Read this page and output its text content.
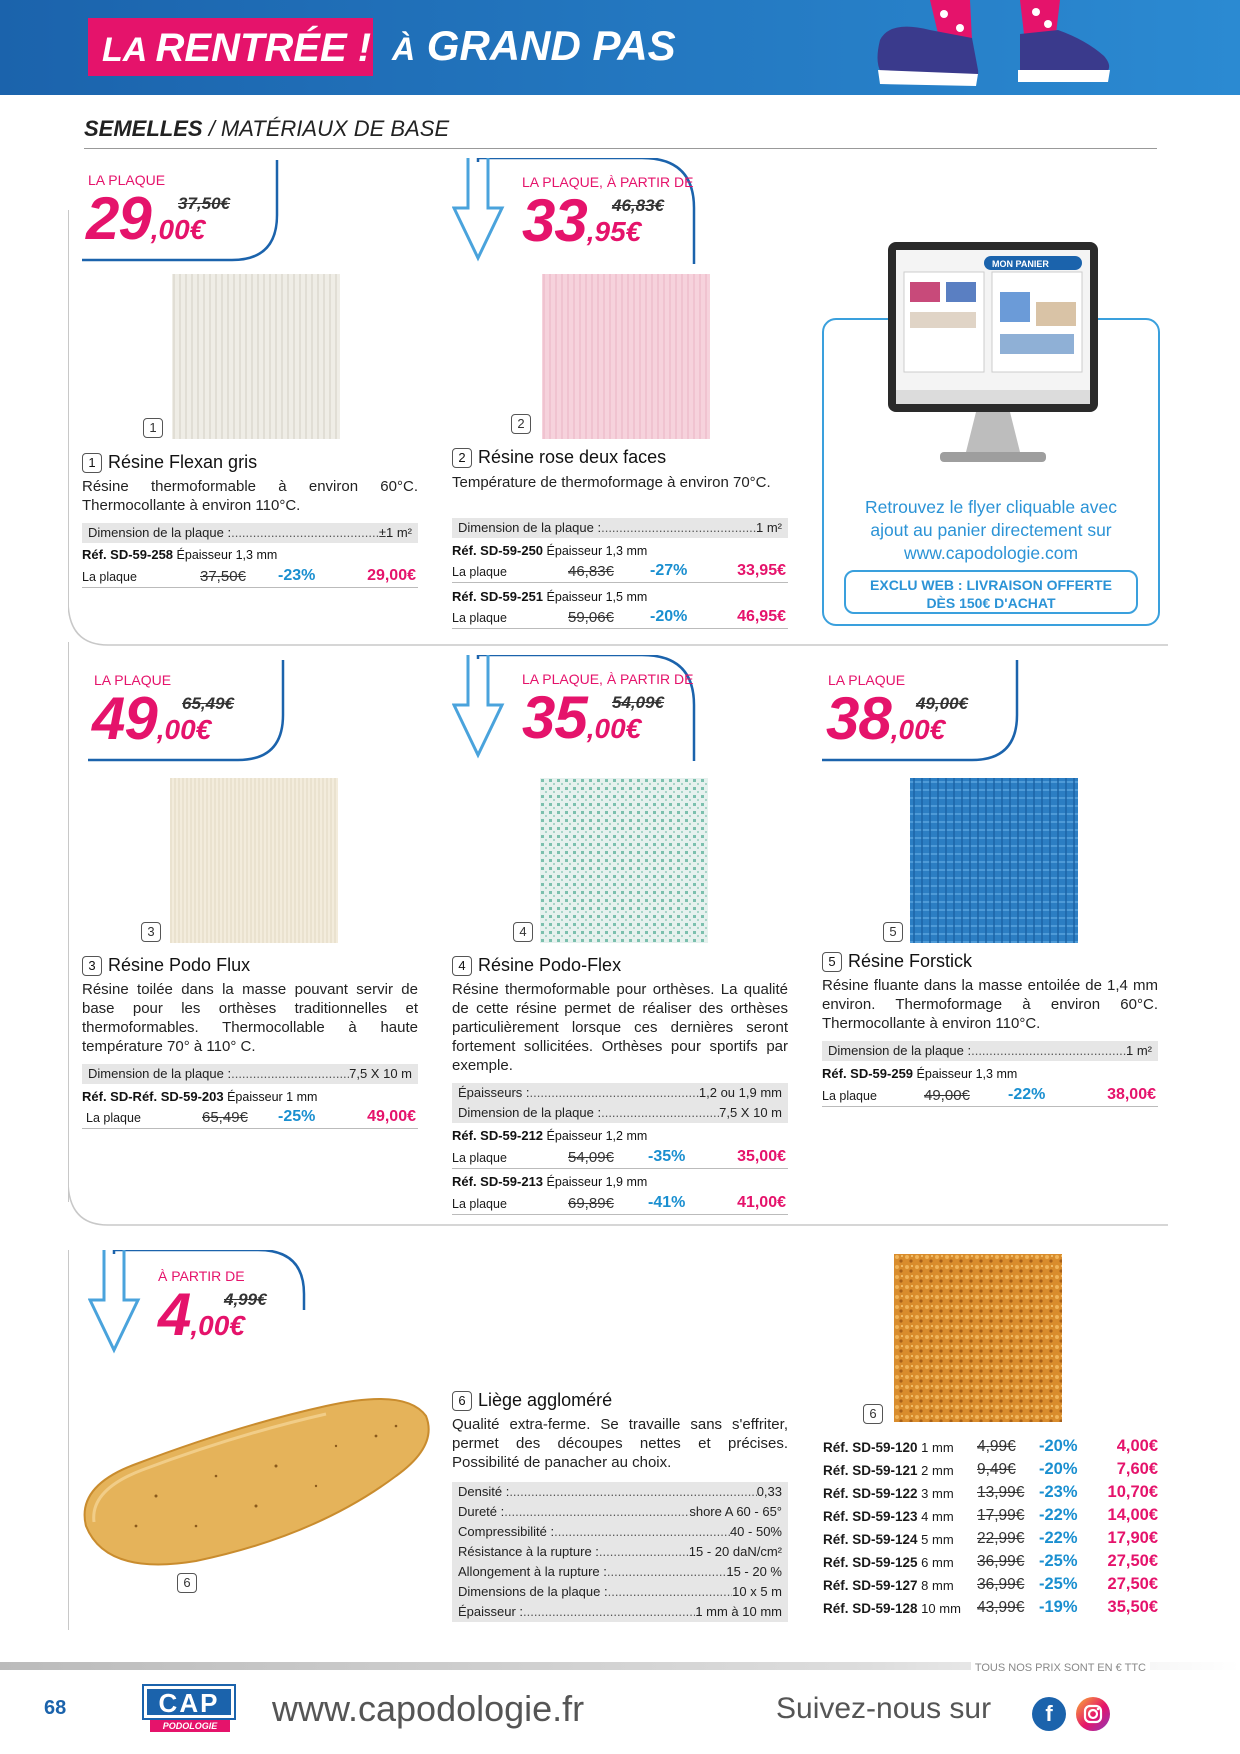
LA RENTRÉE ! À GRAND PAS
SEMELLES / MATÉRIAUX DE BASE
LA PLAQUE
29,00€
37,50€
1
1 Résine Flexan gris
Résine thermoformable à environ 60°C. Thermocollante à environ 110°C.
Dimension de la plaque : .....	±1 m²
Réf. SD-59-258 Épaisseur 1,3 mm
La plaque	37,50€ -23%	29,00€
LA PLAQUE, À PARTIR DE
33,95€
46,83€
2
2 Résine rose deux faces
Température de thermoformage à environ 70°C.
Dimension de la plaque : .....	1 m²
Réf. SD-59-250 Épaisseur 1,3 mm
La plaque	46,83€ -27%	33,95€
Réf. SD-59-251 Épaisseur 1,5 mm
La plaque	59,06€ -20%	46,95€
MON PANIER
Retrouvez le flyer cliquable avec
ajout au panier directement sur
www.capodologie.com
EXCLU WEB : LIVRAISON OFFERTE
DÈS 150€ D'ACHAT
LA PLAQUE
49,00€
65,49€
3
3 Résine Podo Flux
Résine toilée dans la masse pouvant servir de base pour les orthèses traditionnelles et thermoformables. Thermocollable à haute température 70° à 110° C.
Dimension de la plaque : .....	7,5 X 10 m
Réf. SD-Réf. SD-59-203 Épaisseur 1 mm
La plaque	65,49€ -25%	49,00€
LA PLAQUE, À PARTIR DE
35,00€
54,09€
4
4 Résine Podo-Flex
Résine thermoformable pour orthèses. La qualité de cette résine permet de réaliser des orthèses particulièrement lorsque ces dernières seront fortement sollicitées. Orthèses pour sportifs par exemple.
Épaisseurs : .....	1,2 ou 1,9 mm
Dimension de la plaque : .....	7,5 X 10 m
Réf. SD-59-212 Épaisseur 1,2 mm
La plaque	54,09€ -35%	35,00€
Réf. SD-59-213 Épaisseur 1,9 mm
La plaque	69,89€ -41%	41,00€
LA PLAQUE
38,00€
49,00€
5
5 Résine Forstick
Résine fluante dans la masse entoilée de 1,4 mm environ. Thermoformage à environ 60°C. Thermocollante à environ 110°C.
Dimension de la plaque : .....	1 m²
Réf. SD-59-259 Épaisseur 1,3 mm
La plaque	49,00€ -22%	38,00€
À PARTIR DE
4,00€
4,99€
6
6 Liège aggloméré
Qualité extra-ferme. Se travaille sans s'effriter, permet des découpes nettes et précises. Possibilité de panacher au choix.
Densité : .....	0,33
Dureté : .....	shore A 60 - 65°
Compressibilité : .....	40 - 50%
Résistance à la rupture : .....	15 - 20 daN/cm²
Allongement à la rupture : .....	15 - 20 %
Dimensions de la plaque : .....	10 x 5 m
Épaisseur : .....	1 mm à 10 mm
6
Réf. SD-59-120 1 mm 4,99€ -20% 4,00€
Réf. SD-59-121 2 mm 9,49€ -20% 7,60€
Réf. SD-59-122 3 mm 13,99€ -23% 10,70€
Réf. SD-59-123 4 mm 17,99€ -22% 14,00€
Réf. SD-59-124 5 mm 22,99€ -22% 17,90€
Réf. SD-59-125 6 mm 36,99€ -25% 27,50€
Réf. SD-59-127 8 mm 36,99€ -25% 27,50€
Réf. SD-59-128 10 mm 43,99€ -19% 35,50€
TOUS NOS PRIX SONT EN € TTC
68	CAP
PODOLOGIE	www.capodologie.fr	Suivez-nous sur	f
